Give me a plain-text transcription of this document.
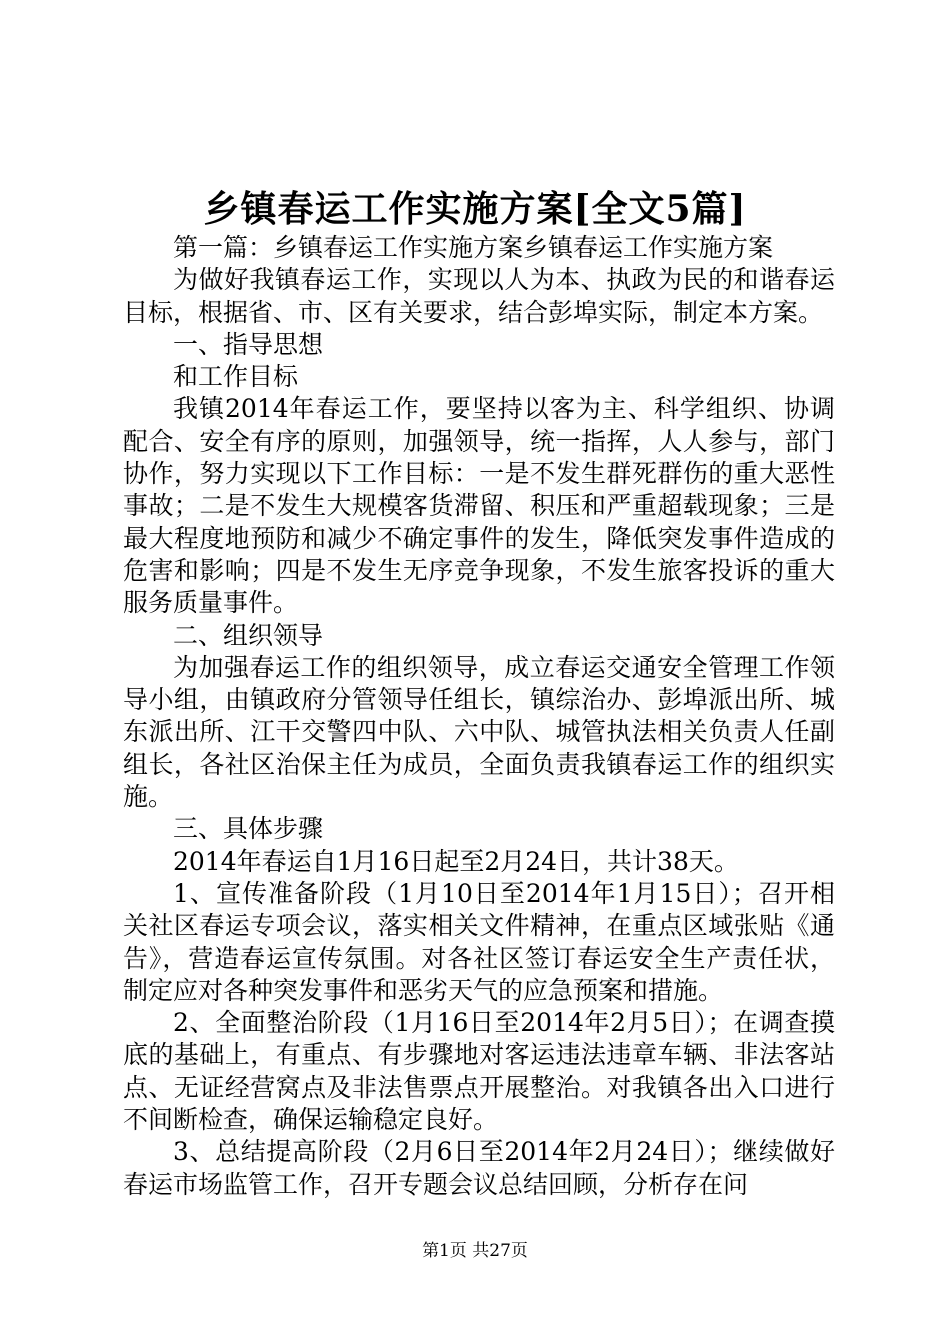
乡镇春运工作实施方案[全文5篇]

第一篇：乡镇春运工作实施方案乡镇春运工作实施方案

为做好我镇春运工作，实现以人为本、执政为民的和谐春运目标，根据省、市、区有关要求，结合彭埠实际，制定本方案。

一、指导思想

和工作目标

我镇2014年春运工作，要坚持以客为主、科学组织、协调配合、安全有序的原则，加强领导，统一指挥，人人参与，部门协作，努力实现以下工作目标：一是不发生群死群伤的重大恶性事故；二是不发生大规模客货滞留、积压和严重超载现象；三是最大程度地预防和减少不确定事件的发生，降低突发事件造成的危害和影响；四是不发生无序竞争现象，不发生旅客投诉的重大服务质量事件。

二、组织领导

为加强春运工作的组织领导，成立春运交通安全管理工作领导小组，由镇政府分管领导任组长，镇综治办、彭埠派出所、城东派出所、江干交警四中队、六中队、城管执法相关负责人任副组长，各社区治保主任为成员，全面负责我镇春运工作的组织实施。

三、具体步骤

2014年春运自1月16日起至2月24日，共计38天。

1、宣传准备阶段（1月10日至2014年1月15日）；召开相关社区春运专项会议，落实相关文件精神，在重点区域张贴《通告》，营造春运宣传氛围。对各社区签订春运安全生产责任状，制定应对各种突发事件和恶劣天气的应急预案和措施。

2、全面整治阶段（1月16日至2014年2月5日）；在调查摸底的基础上，有重点、有步骤地对客运违法违章车辆、非法客站点、无证经营窝点及非法售票点开展整治。对我镇各出入口进行不间断检查，确保运输稳定良好。

3、总结提高阶段（2月6日至2014年2月24日）；继续做好春运市场监管工作，召开专题会议总结回顾，分析存在问

第1页 共27页
